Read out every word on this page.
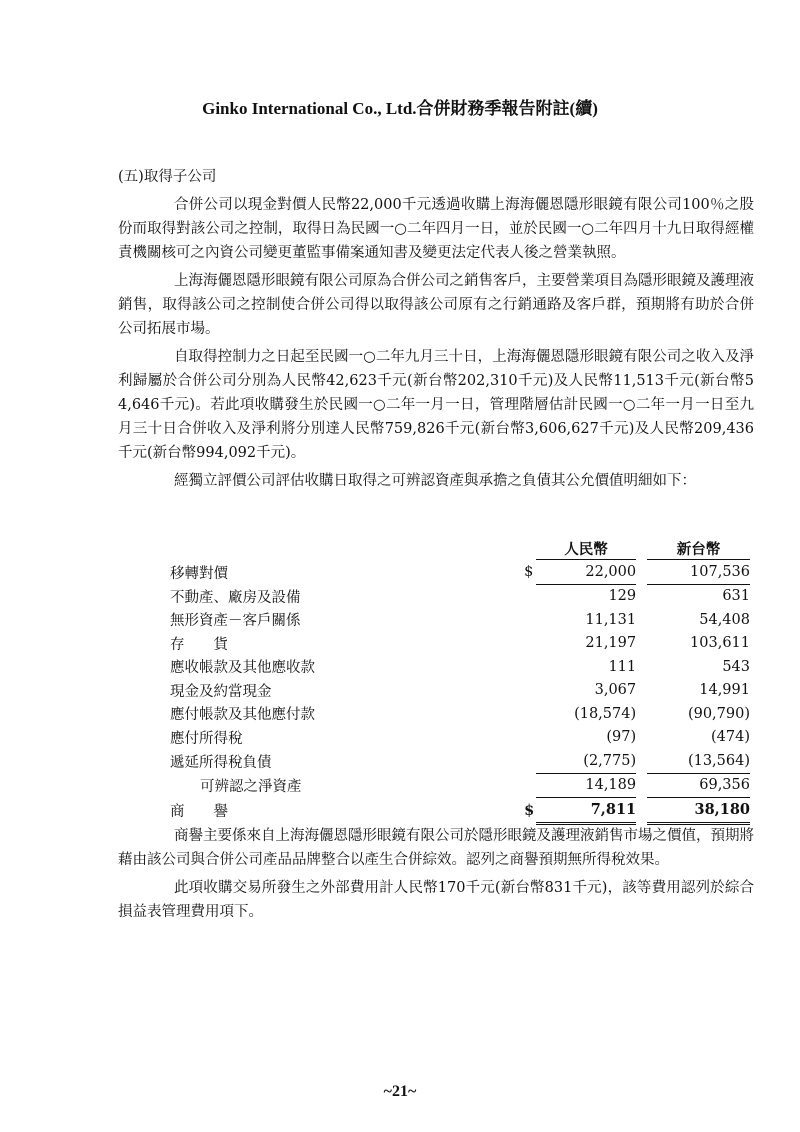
Ginko International Co., Ltd.合併財務季報告附註(續)

(五)取得子公司

合併公司以現金對價人民幣22,000千元透過收購上海海儷恩隱形眼鏡有限公司100％之股份而取得對該公司之控制，取得日為民國一○二年四月一日，並於民國一○二年四月十九日取得經權責機關核可之內資公司變更董監事備案通知書及變更法定代表人後之營業執照。

上海海儷恩隱形眼鏡有限公司原為合併公司之銷售客戶，主要營業項目為隱形眼鏡及護理液銷售，取得該公司之控制使合併公司得以取得該公司原有之行銷通路及客戶群，預期將有助於合併公司拓展市場。

自取得控制力之日起至民國一○二年九月三十日，上海海儷恩隱形眼鏡有限公司之收入及淨利歸屬於合併公司分別為人民幣42,623千元(新台幣202,310千元)及人民幣11,513千元(新台幣54,646千元)。若此項收購發生於民國一○二年一月一日，管理階層估計民國一○二年一月一日至九月三十日合併收入及淨利將分別達人民幣759,826千元(新台幣3,606,627千元)及人民幣209,436千元(新台幣994,092千元)。

經獨立評價公司評估收購日取得之可辨認資產與承擔之負債其公允價值明細如下：

		人民幣		新台幣
移轉對價	$	22,000		107,536
不動產、廠房及設備		129		631
無形資產－客戶關係		11,131		54,408
存　　貨		21,197		103,611
應收帳款及其他應收款		111		543
現金及約當現金		3,067		14,991
應付帳款及其他應付款		(18,574)		(90,790)
應付所得稅		(97)		(474)
遞延所得稅負債		(2,775)		(13,564)
可辨認之淨資產		14,189		69,356
商　　譽	$	7,811		38,180

商譽主要係來自上海海儷恩隱形眼鏡有限公司於隱形眼鏡及護理液銷售市場之價值，預期將藉由該公司與合併公司產品品牌整合以產生合併綜效。認列之商譽預期無所得稅效果。

此項收購交易所發生之外部費用計人民幣170千元(新台幣831千元)，該等費用認列於綜合損益表管理費用項下。

~21~
